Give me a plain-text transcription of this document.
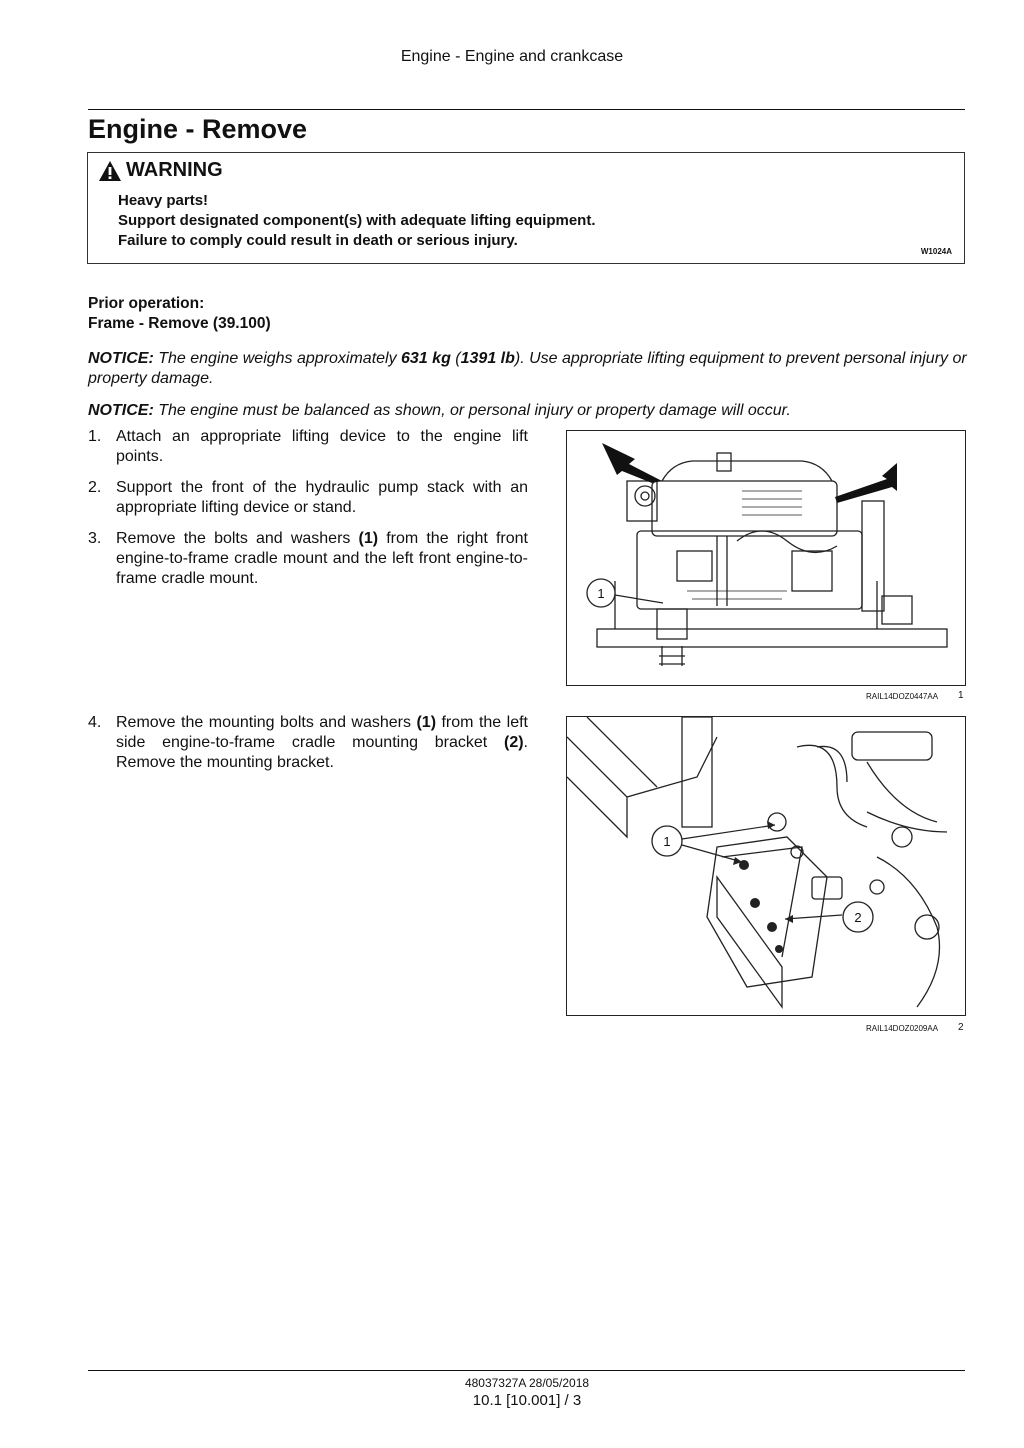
Engine - Engine and crankcase
Engine - Remove
WARNING
Heavy parts!
Support designated component(s) with adequate lifting equipment.
Failure to comply could result in death or serious injury.
W1024A
Prior operation:
Frame - Remove (39.100)
NOTICE: The engine weighs approximately 631 kg (1391 lb). Use appropriate lifting equipment to prevent personal injury or property damage.
NOTICE: The engine must be balanced as shown, or personal injury or property damage will occur.
1. Attach an appropriate lifting device to the engine lift points.
2. Support the front of the hydraulic pump stack with an appropriate lifting device or stand.
3. Remove the bolts and washers (1) from the right front engine-to-frame cradle mount and the left front engine-to-frame cradle mount.
4. Remove the mounting bolts and washers (1) from the left side engine-to-frame cradle mounting bracket (2). Remove the mounting bracket.
1
RAIL14DOZ0447AA 1
1
2
RAIL14DOZ0209AA 2
48037327A 28/05/2018
10.1 [10.001] / 3
